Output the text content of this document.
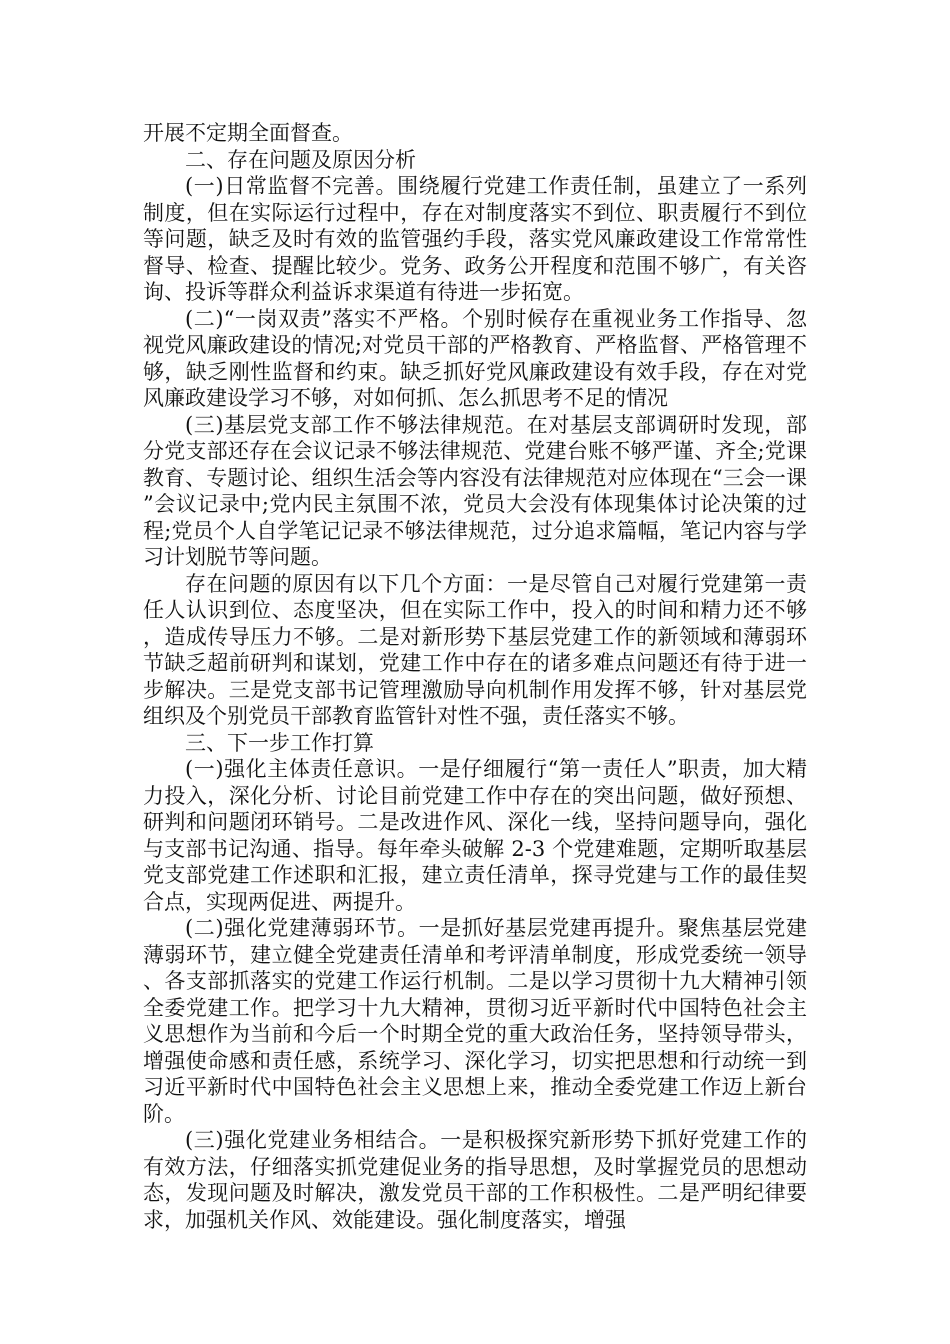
开展不定期全面督查。

二、存在问题及原因分析

(一)日常监督不完善。围绕履行党建工作责任制，虽建立了一系列制度，但在实际运行过程中，存在对制度落实不到位、职责履行不到位等问题，缺乏及时有效的监管强约手段，落实党风廉政建设工作常常性督导、检查、提醒比较少。党务、政务公开程度和范围不够广，有关咨询、投诉等群众利益诉求渠道有待进一步拓宽。

(二)“一岗双责”落实不严格。个别时候存在重视业务工作指导、忽视党风廉政建设的情况;对党员干部的严格教育、严格监督、严格管理不够，缺乏刚性监督和约束。缺乏抓好党风廉政建设有效手段，存在对党风廉政建设学习不够，对如何抓、怎么抓思考不足的情况

(三)基层党支部工作不够法律规范。在对基层支部调研时发现，部分党支部还存在会议记录不够法律规范、党建台账不够严谨、齐全;党课教育、专题讨论、组织生活会等内容没有法律规范对应体现在“三会一课”会议记录中;党内民主氛围不浓，党员大会没有体现集体讨论决策的过程;党员个人自学笔记记录不够法律规范，过分追求篇幅，笔记内容与学习计划脱节等问题。

存在问题的原因有以下几个方面：一是尽管自己对履行党建第一责任人认识到位、态度坚决，但在实际工作中，投入的时间和精力还不够，造成传导压力不够。二是对新形势下基层党建工作的新领域和薄弱环节缺乏超前研判和谋划，党建工作中存在的诸多难点问题还有待于进一步解决。三是党支部书记管理激励导向机制作用发挥不够，针对基层党组织及个别党员干部教育监管针对性不强，责任落实不够。

三、下一步工作打算

(一)强化主体责任意识。一是仔细履行“第一责任人”职责，加大精力投入，深化分析、讨论目前党建工作中存在的突出问题，做好预想、研判和问题闭环销号。二是改进作风、深化一线，坚持问题导向，强化与支部书记沟通、指导。每年牵头破解 2-3 个党建难题，定期听取基层党支部党建工作述职和汇报，建立责任清单，探寻党建与工作的最佳契合点，实现两促进、两提升。

(二)强化党建薄弱环节。一是抓好基层党建再提升。聚焦基层党建薄弱环节，建立健全党建责任清单和考评清单制度，形成党委统一领导、各支部抓落实的党建工作运行机制。二是以学习贯彻十九大精神引领全委党建工作。把学习十九大精神，贯彻习近平新时代中国特色社会主义思想作为当前和今后一个时期全党的重大政治任务，坚持领导带头，增强使命感和责任感，系统学习、深化学习，切实把思想和行动统一到习近平新时代中国特色社会主义思想上来，推动全委党建工作迈上新台阶。

(三)强化党建业务相结合。一是积极探究新形势下抓好党建工作的有效方法，仔细落实抓党建促业务的指导思想，及时掌握党员的思想动态，发现问题及时解决，激发党员干部的工作积极性。二是严明纪律要求，加强机关作风、效能建设。强化制度落实，增强
